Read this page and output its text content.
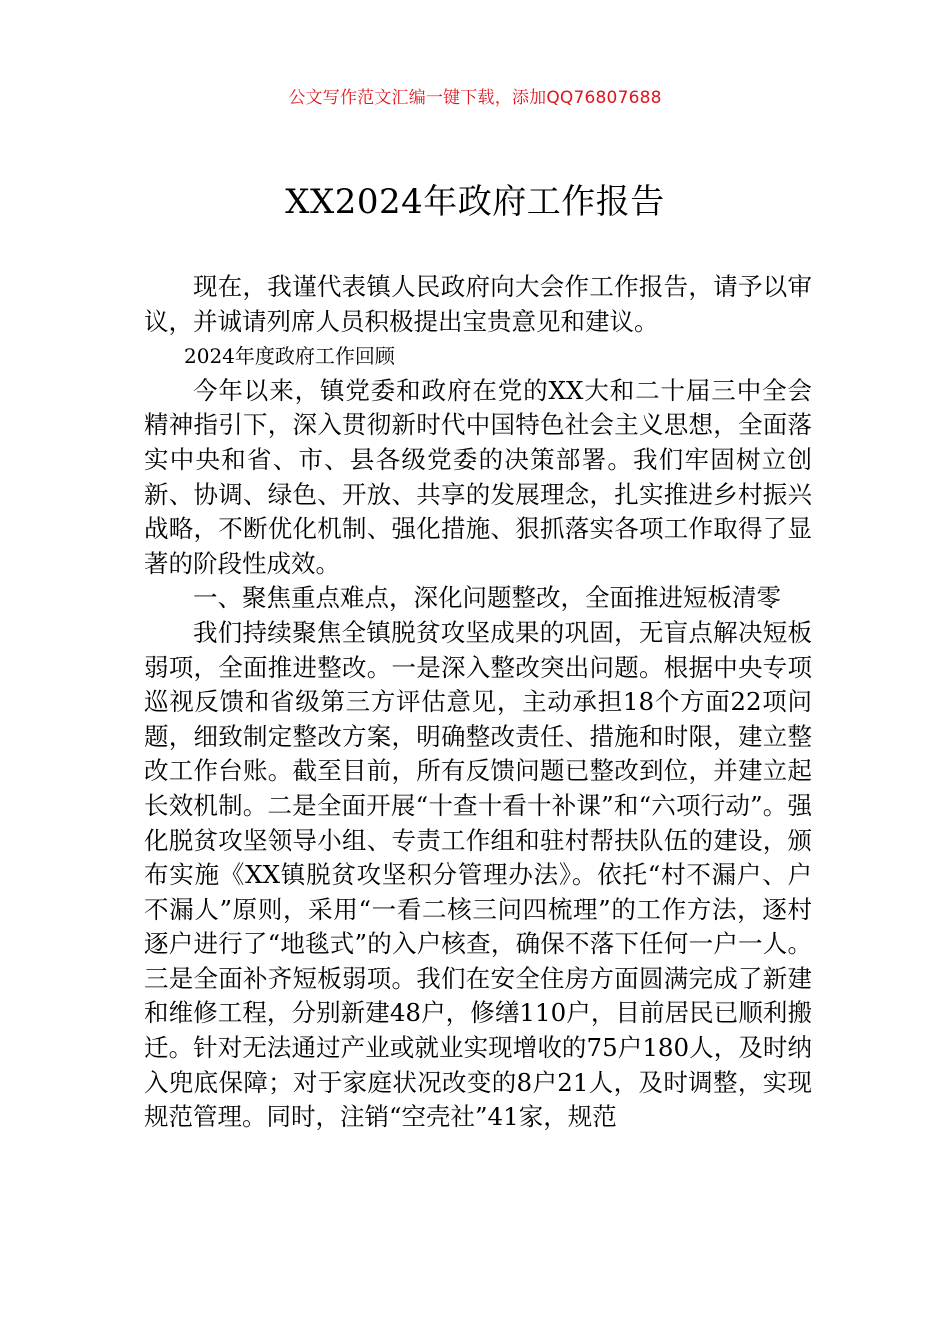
公文写作范文汇编一键下载，添加QQ76807688
XX2024年政府工作报告

现在，我谨代表镇人民政府向大会作工作报告，请予以审议，并诚请列席人员积极提出宝贵意见和建议。

2024年度政府工作回顾

今年以来，镇党委和政府在党的XX大和二十届三中全会精神指引下，深入贯彻新时代中国特色社会主义思想，全面落实中央和省、市、县各级党委的决策部署。我们牢固树立创新、协调、绿色、开放、共享的发展理念，扎实推进乡村振兴战略，不断优化机制、强化措施、狠抓落实各项工作取得了显著的阶段性成效。

一、聚焦重点难点，深化问题整改，全面推进短板清零

我们持续聚焦全镇脱贫攻坚成果的巩固，无盲点解决短板弱项，全面推进整改。一是深入整改突出问题。根据中央专项巡视反馈和省级第三方评估意见，主动承担18个方面22项问题，细致制定整改方案，明确整改责任、措施和时限，建立整改工作台账。截至目前，所有反馈问题已整改到位，并建立起长效机制。二是全面开展“十查十看十补课”和“六项行动”。强化脱贫攻坚领导小组、专责工作组和驻村帮扶队伍的建设，颁布实施《XX镇脱贫攻坚积分管理办法》。依托“村不漏户、户不漏人”原则，采用“一看二核三问四梳理”的工作方法，逐村逐户进行了“地毯式”的入户核查，确保不落下任何一户一人。三是全面补齐短板弱项。我们在安全住房方面圆满完成了新建和维修工程，分别新建48户，修缮110户，目前居民已顺利搬迁。针对无法通过产业或就业实现增收的75户180人，及时纳入兜底保障；对于家庭状况改变的8户21人，及时调整，实现规范管理。同时，注销“空壳社”41家，规范
